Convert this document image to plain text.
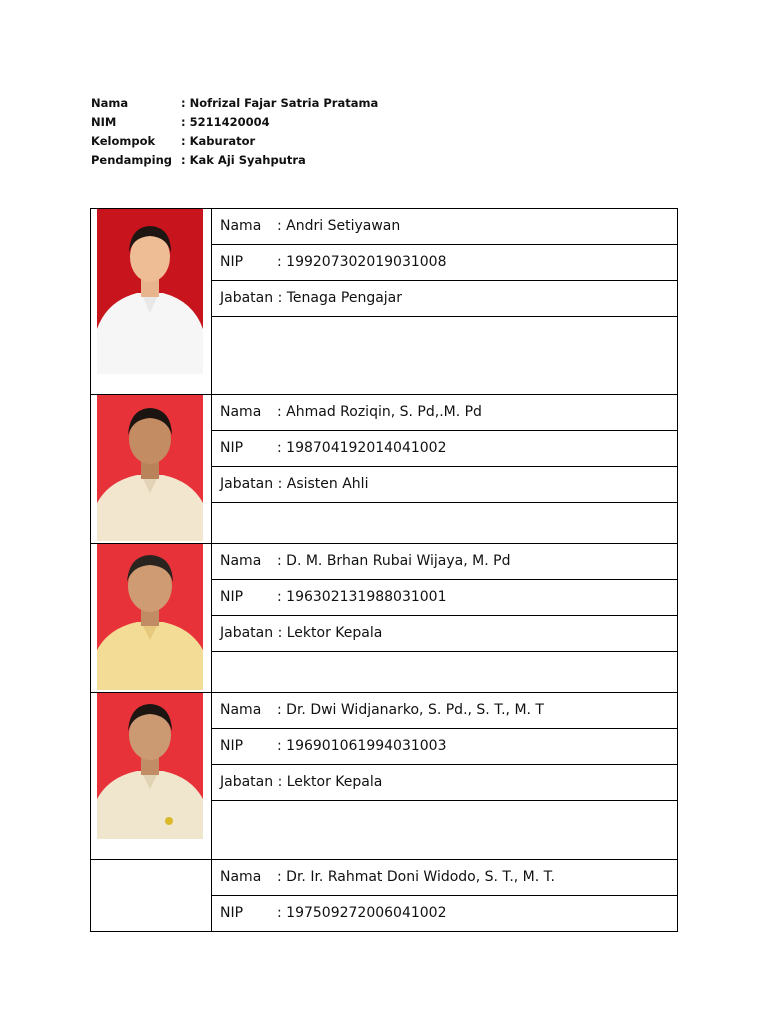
Nama	: Nofrizal Fajar Satria Pratama
NIM	: 5211420004
Kelompok	: Kaburator
Pendamping : Kak Aji Syahputra
	Nama : Andri Setiyawan
	NIP : 199207302019031008
	Jabatan : Tenaga Pengajar

	Nama : Ahmad Roziqin, S. Pd,.M. Pd
	NIP : 198704192014041002
	Jabatan : Asisten Ahli

	Nama : D. M. Brhan Rubai Wijaya, M. Pd
	NIP : 196302131988031001
	Jabatan : Lektor Kepala

	Nama : Dr. Dwi Widjanarko, S. Pd., S. T., M. T
	NIP : 196901061994031003
	Jabatan : Lektor Kepala

	Nama : Dr. Ir. Rahmat Doni Widodo, S. T., M. T.
	NIP : 197509272006041002
